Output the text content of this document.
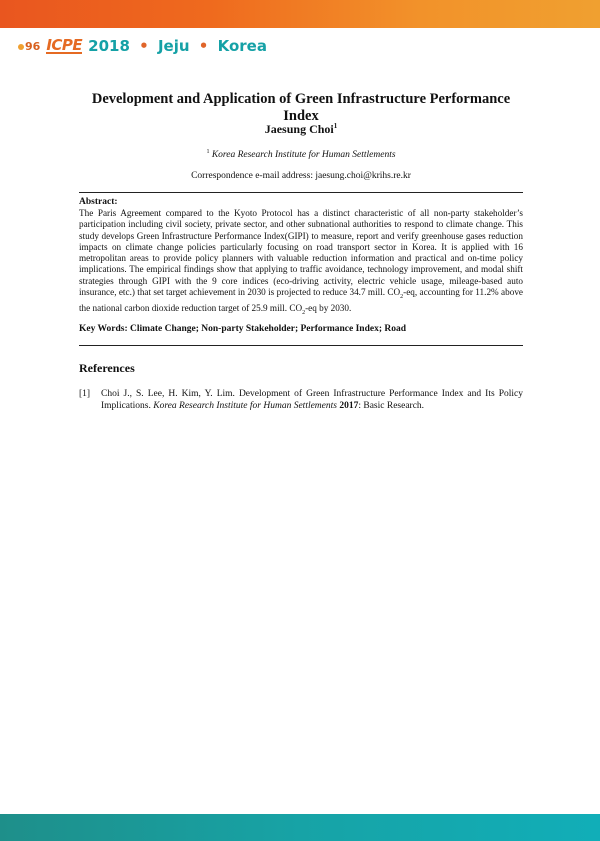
96 ICPE 2018 • Jeju • Korea
Development and Application of Green Infrastructure Performance Index
Jaesung Choi$^1$
$^1$ Korea Research Institute for Human Settlements
Correspondence e-mail address: jaesung.choi@krihs.re.kr
Abstract:
The Paris Agreement compared to the Kyoto Protocol has a distinct characteristic of all non-party stakeholder’s participation including civil society, private sector, and other subnational authorities to respond to climate change. This study develops Green Infrastructure Performance Index(GIPI) to measure, report and verify greenhouse gases reduction impacts on climate change policies particularly focusing on road transport sector in Korea. It is applied with 16 metropolitan areas to provide policy planners with valuable reduction information and practical and on-time policy implications. The empirical findings show that applying to traffic avoidance, technology improvement, and modal shift strategies through GIPI with the 9 core indices (eco-driving activity, electric vehicle usage, mileage-based auto insurance, etc.) that set target achievement in 2030 is projected to reduce 34.7 mill. $CO_2-eq$, accounting for 11.2% above the national carbon dioxide reduction target of 25.9 mill. $CO_2-eq$ by 2030.
Key Words: Climate Change; Non-party Stakeholder; Performance Index; Road
References
[1]	Choi J., S. Lee, H. Kim, Y. Lim. Development of Green Infrastructure Performance Index and Its Policy Implications. Korea Research Institute for Human Settlements 2017: Basic Research.
